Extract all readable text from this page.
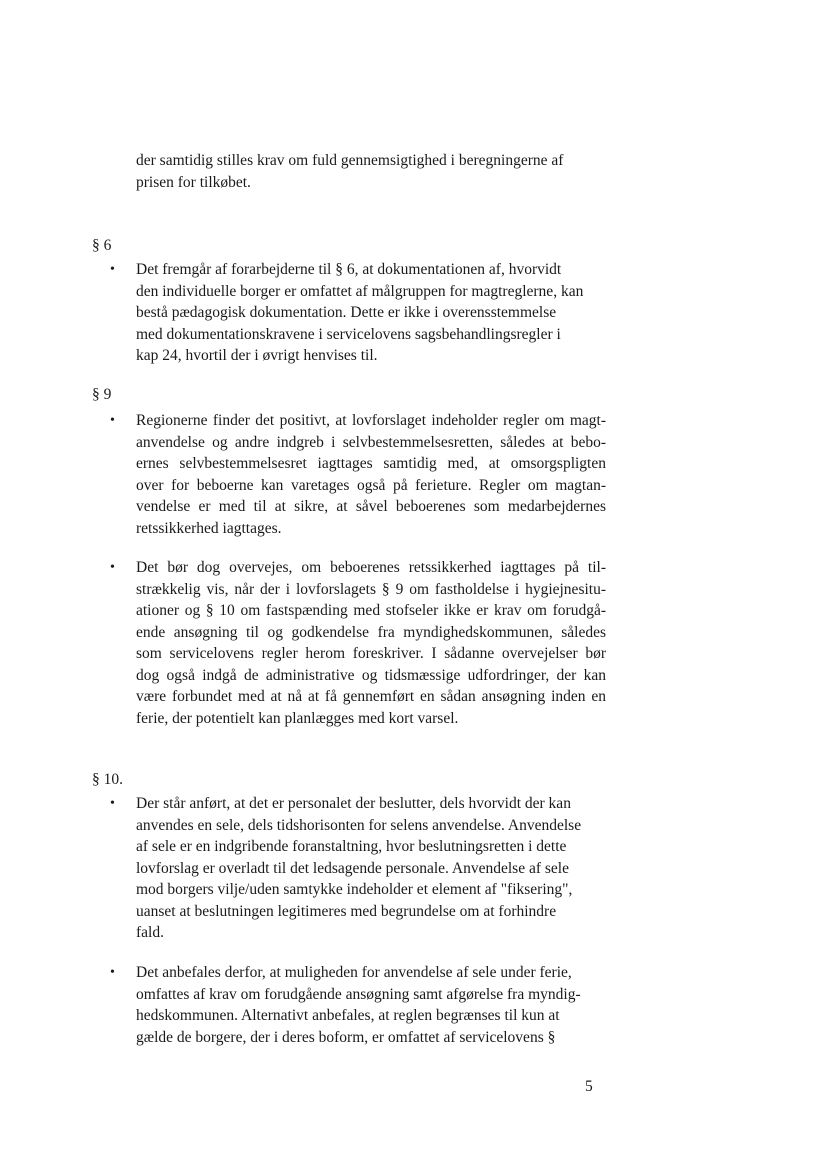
der samtidig stilles krav om fuld gennemsigtighed i beregningerne af
prisen for tilkøbet.
§ 6
• Det fremgår af forarbejderne til § 6, at dokumentationen af, hvorvidt
den individuelle borger er omfattet af målgruppen for magtreglerne, kan
bestå pædagogisk dokumentation. Dette er ikke i overensstemmelse
med dokumentationskravene i servicelovens sagsbehandlingsregler i
kap 24, hvortil der i øvrigt henvises til.
§ 9
• Regionerne finder det positivt, at lovforslaget indeholder regler om magt-
anvendelse og andre indgreb i selvbestemmelsesretten, således at bebo-
ernes selvbestemmelsesret iagttages samtidig med, at omsorgspligten
over for beboerne kan varetages også på ferieture. Regler om magtan-
vendelse er med til at sikre, at såvel beboerenes som medarbejdernes
retssikkerhed iagttages.
• Det bør dog overvejes, om beboerenes retssikkerhed iagttages på til-
strækkelig vis, når der i lovforslagets § 9 om fastholdelse i hygiejnesitu-
ationer og § 10 om fastspænding med stofseler ikke er krav om forudgå-
ende ansøgning til og godkendelse fra myndighedskommunen, således
som servicelovens regler herom foreskriver. I sådanne overvejelser bør
dog også indgå de administrative og tidsmæssige udfordringer, der kan
være forbundet med at nå at få gennemført en sådan ansøgning inden en
ferie, der potentielt kan planlægges med kort varsel.
§ 10.
• Der står anført, at det er personalet der beslutter, dels hvorvidt der kan
anvendes en sele, dels tidshorisonten for selens anvendelse. Anvendelse
af sele er en indgribende foranstaltning, hvor beslutningsretten i dette
lovforslag er overladt til det ledsagende personale. Anvendelse af sele
mod borgers vilje/uden samtykke indeholder et element af "fiksering",
uanset at beslutningen legitimeres med begrundelse om at forhindre
fald.
• Det anbefales derfor, at muligheden for anvendelse af sele under ferie,
omfattes af krav om forudgående ansøgning samt afgørelse fra myndig-
hedskommunen. Alternativt anbefales, at reglen begrænses til kun at
gælde de borgere, der i deres boform, er omfattet af servicelovens §
5
